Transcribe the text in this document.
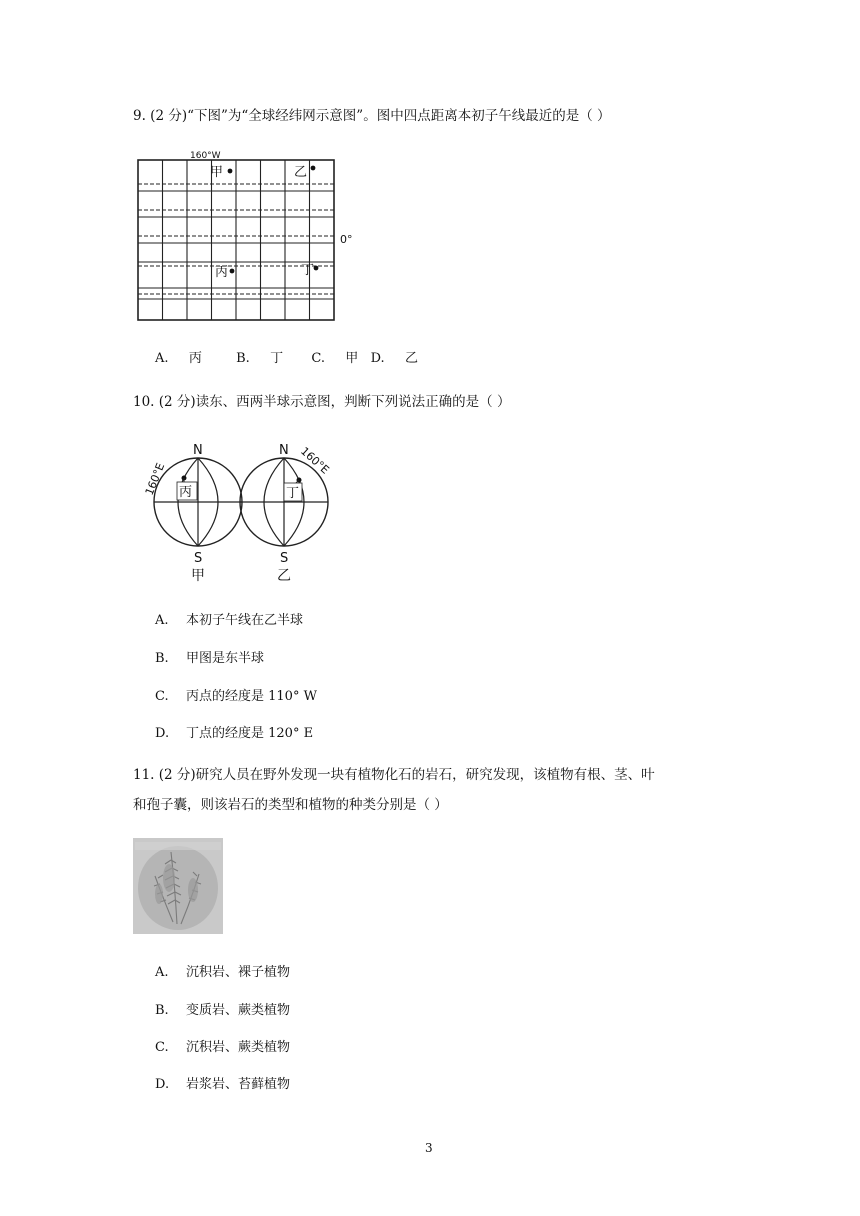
9. (2 分)“下图”为“全球经纬网示意图”。图中四点距离本初子午线最近的是（ ）
160°W
0°
甲	乙
丙	丁
A. 丙	B. 丁 C. 甲 D. 乙
10. (2 分)读东、西两半球示意图，判断下列说法正确的是（ ）
N	N
S	S
甲	乙
160°E
160°E
丙	丁
A. 本初子午线在乙半球
B. 甲图是东半球
C. 丙点的经度是 110° W
D. 丁点的经度是 120° E
11. (2 分)研究人员在野外发现一块有植物化石的岩石，研究发现，该植物有根、茎、叶
和孢子囊，则该岩石的类型和植物的种类分别是（ ）
A. 沉积岩、裸子植物
B. 变质岩、蕨类植物
C. 沉积岩、蕨类植物
D. 岩浆岩、苔藓植物
3
